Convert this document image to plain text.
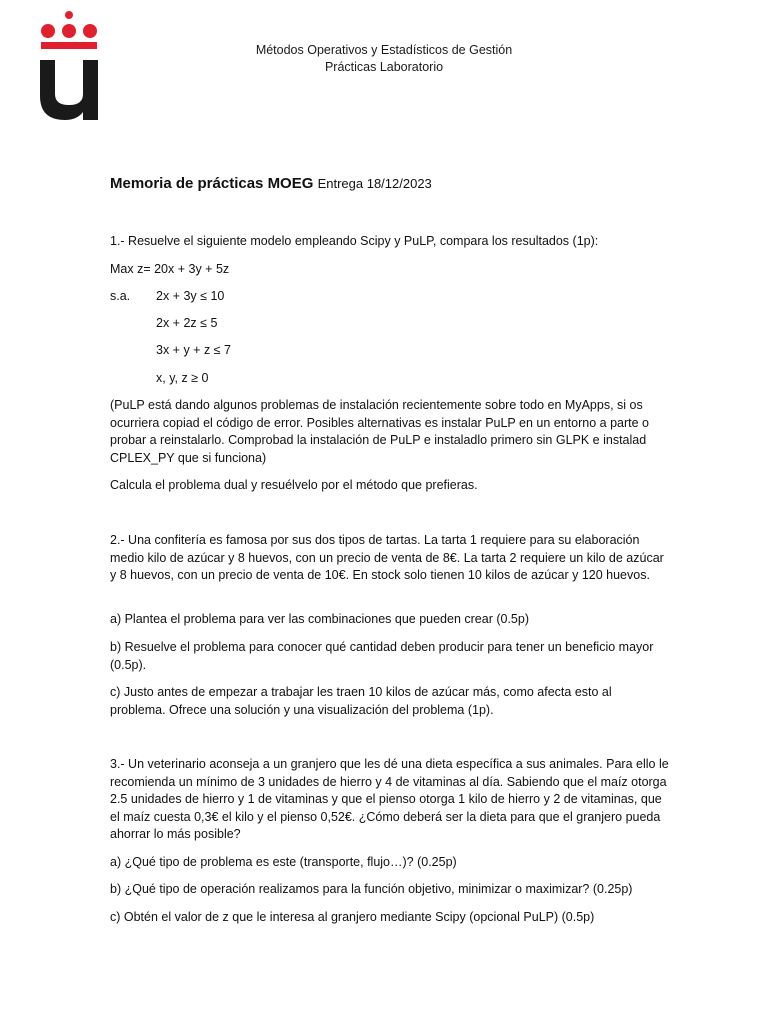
Métodos Operativos y Estadísticos de Gestión
Prácticas Laboratorio
Memoria de prácticas MOEG Entrega 18/12/2023

1.- Resuelve el siguiente modelo empleando Scipy y PuLP, compara los resultados (1p):

Max z= 20x + 3y + 5z

s.a. 2x + 3y ≤ 10

2x + 2z ≤ 5

3x + y + z ≤ 7

x, y, z ≥ 0

(PuLP está dando algunos problemas de instalación recientemente sobre todo en MyApps, si os ocurriera copiad el código de error. Posibles alternativas es instalar PuLP en un entorno a parte o probar a reinstalarlo. Comprobad la instalación de PuLP e instaladlo primero sin GLPK e instalad CPLEX_PY que si funciona)

Calcula el problema dual y resuélvelo por el método que prefieras.

2.- Una confitería es famosa por sus dos tipos de tartas. La tarta 1 requiere para su elaboración medio kilo de azúcar y 8 huevos, con un precio de venta de 8€. La tarta 2 requiere un kilo de azúcar y 8 huevos, con un precio de venta de 10€. En stock solo tienen 10 kilos de azúcar y 120 huevos.

a) Plantea el problema para ver las combinaciones que pueden crear (0.5p)

b) Resuelve el problema para conocer qué cantidad deben producir para tener un beneficio mayor (0.5p).

c) Justo antes de empezar a trabajar les traen 10 kilos de azúcar más, como afecta esto al problema. Ofrece una solución y una visualización del problema (1p).

3.- Un veterinario aconseja a un granjero que les dé una dieta específica a sus animales. Para ello le recomienda un mínimo de 3 unidades de hierro y 4 de vitaminas al día. Sabiendo que el maíz otorga 2.5 unidades de hierro y 1 de vitaminas y que el pienso otorga 1 kilo de hierro y 2 de vitaminas, que el maíz cuesta 0,3€ el kilo y el pienso 0,52€. ¿Cómo deberá ser la dieta para que el granjero pueda ahorrar lo más posible?

a) ¿Qué tipo de problema es este (transporte, flujo…)? (0.25p)

b) ¿Qué tipo de operación realizamos para la función objetivo, minimizar o maximizar? (0.25p)

c) Obtén el valor de z que le interesa al granjero mediante Scipy (opcional PuLP) (0.5p)
